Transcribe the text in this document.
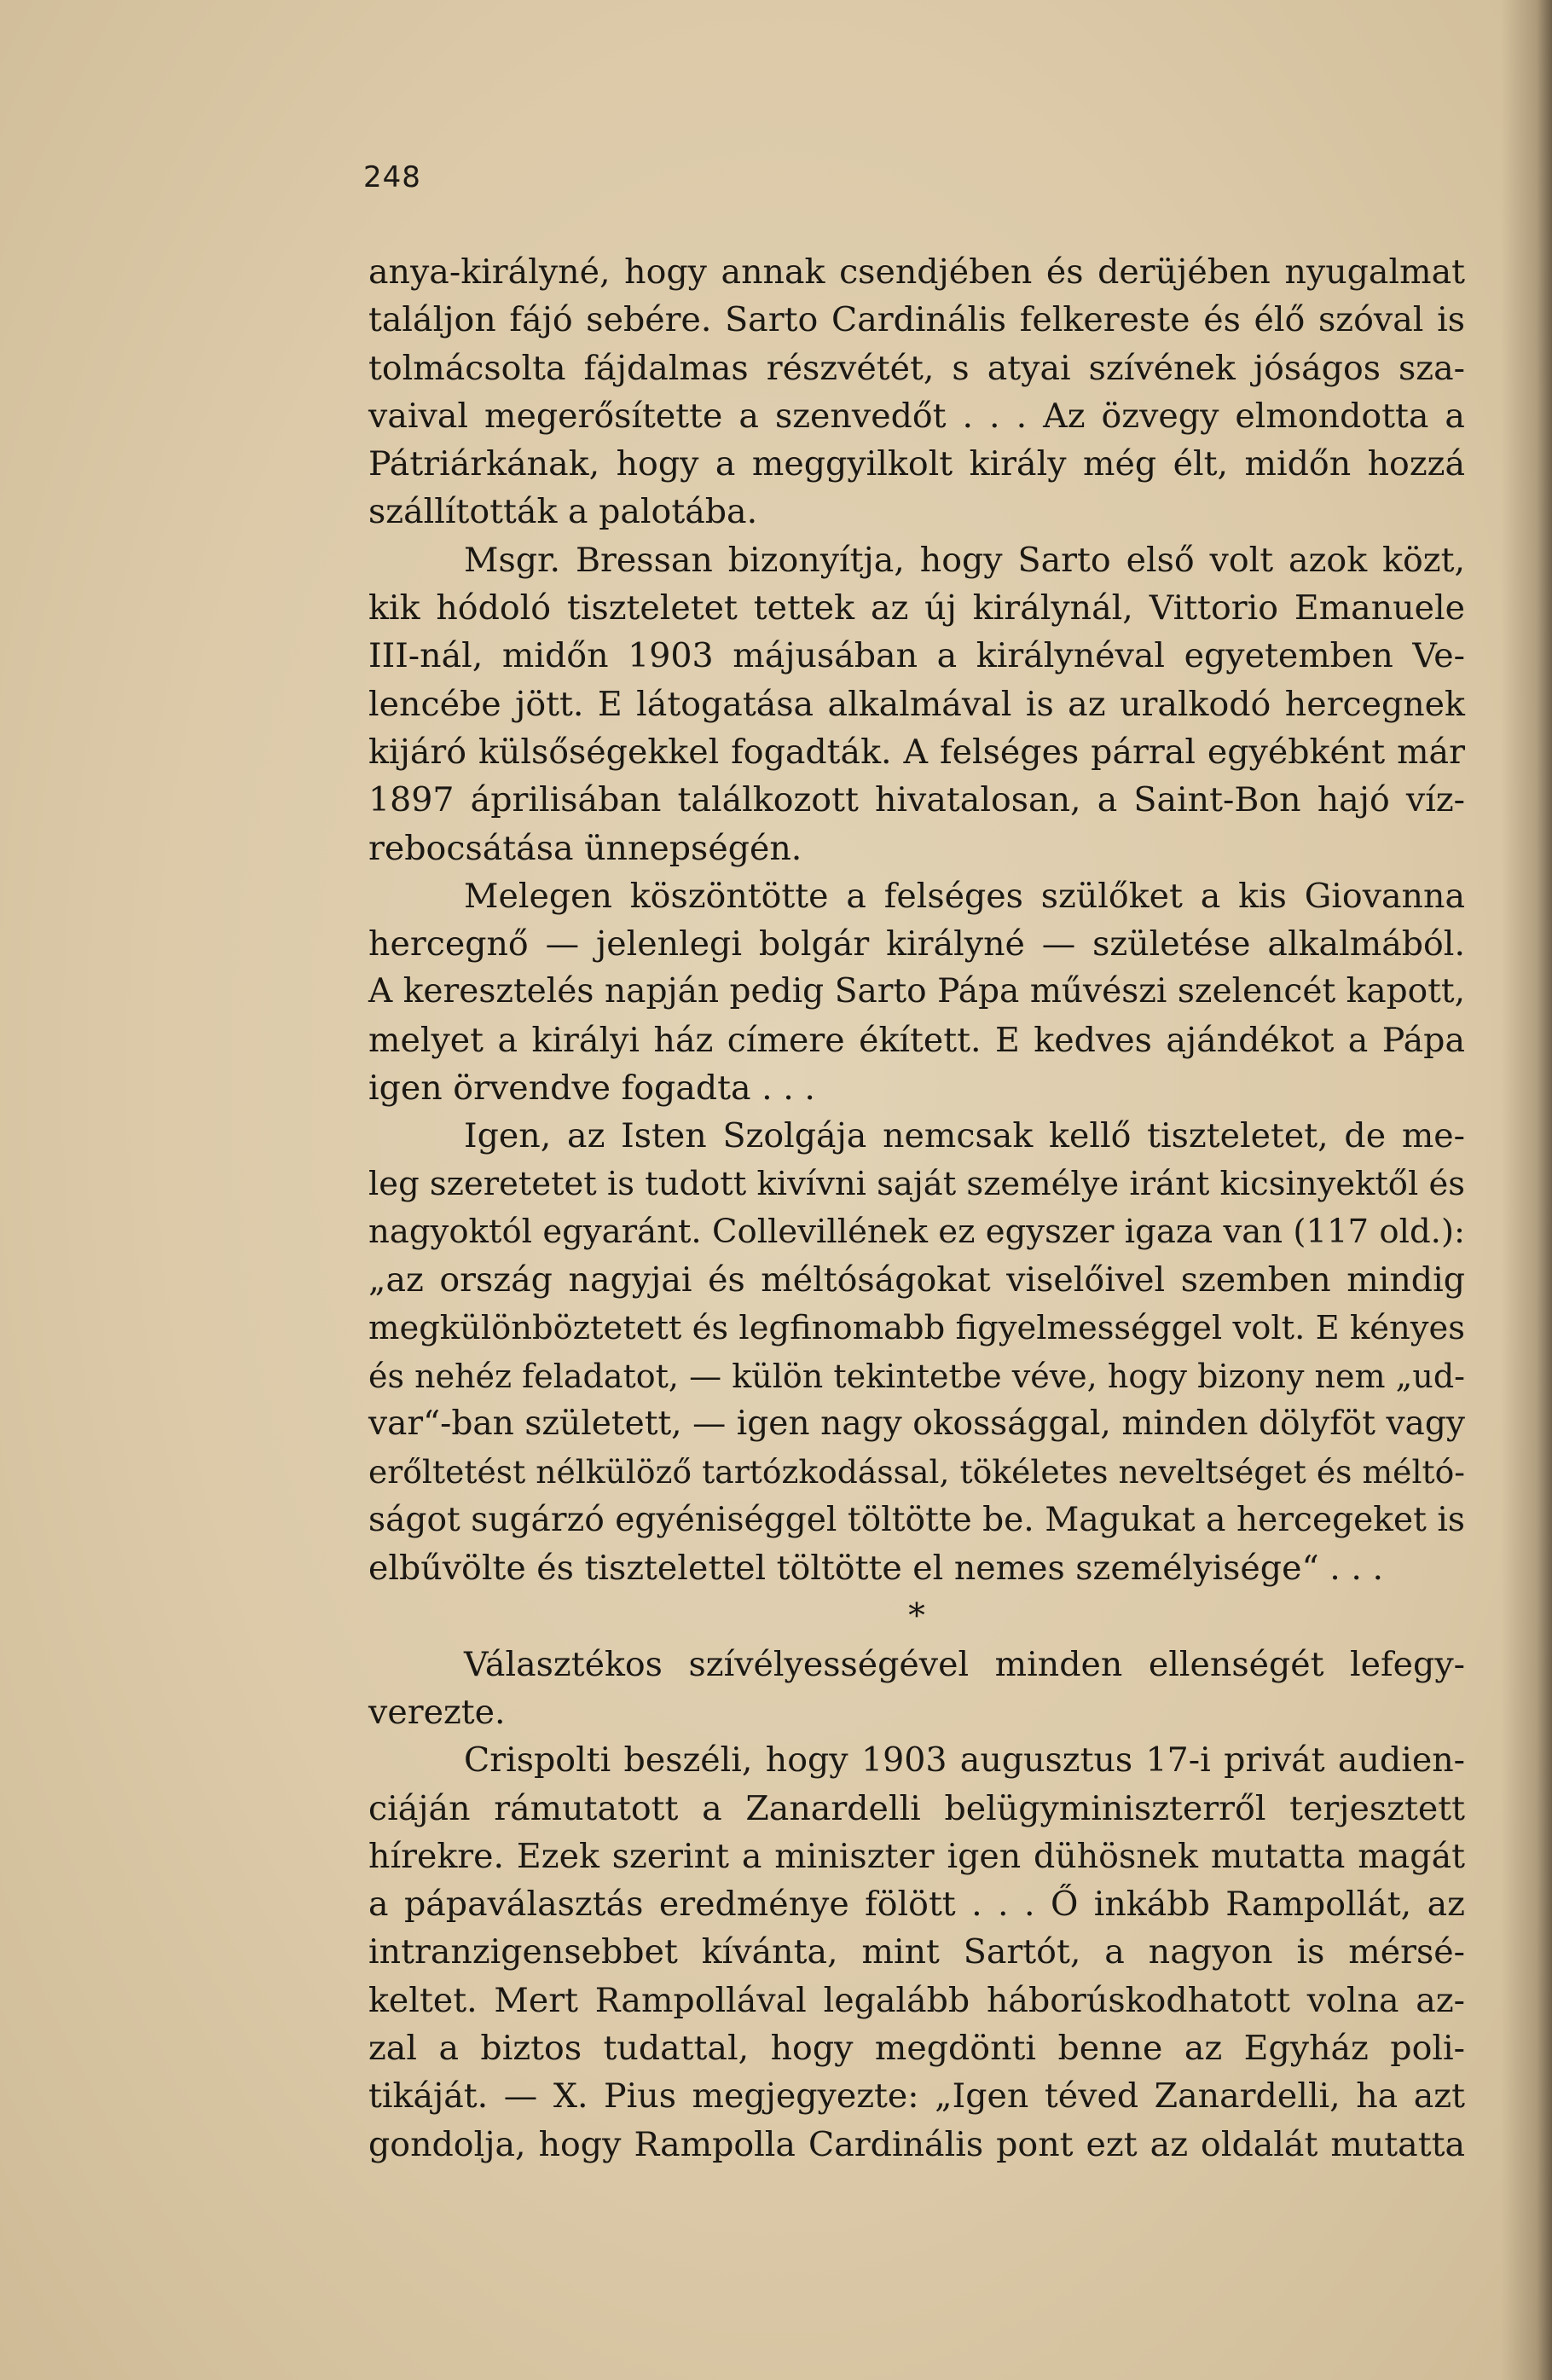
248
anya-királyné, hogy annak csendjében és derüjében nyugalmat
találjon fájó sebére. Sarto Cardinális felkereste és élő szóval is
tolmácsolta fájdalmas részvétét, s atyai szívének jóságos sza-
vaival megerősítette a szenvedőt . . . Az özvegy elmondotta a
Pátriárkának, hogy a meggyilkolt király még élt, midőn hozzá
szállították a palotába.
Msgr. Bressan bizonyítja, hogy Sarto első volt azok közt,
kik hódoló tiszteletet tettek az új királynál, Vittorio Emanuele
III-nál, midőn 1903 májusában a királynéval egyetemben Ve-
lencébe jött. E látogatása alkalmával is az uralkodó hercegnek
kijáró külsőségekkel fogadták. A felséges párral egyébként már
1897 áprilisában találkozott hivatalosan, a Saint-Bon hajó víz-
rebocsátása ünnepségén.
Melegen köszöntötte a felséges szülőket a kis Giovanna
hercegnő — jelenlegi bolgár királyné — születése alkalmából.
A keresztelés napján pedig Sarto Pápa művészi szelencét kapott,
melyet a királyi ház címere ékített. E kedves ajándékot a Pápa
igen örvendve fogadta . . .
Igen, az Isten Szolgája nemcsak kellő tiszteletet, de me-
leg szeretetet is tudott kivívni saját személye iránt kicsinyektől és
nagyoktól egyaránt. Collevillének ez egyszer igaza van (117 old.):
„az ország nagyjai és méltóságokat viselőivel szemben mindig
megkülönböztetett és legfinomabb figyelmességgel volt. E kényes
és nehéz feladatot, — külön tekintetbe véve, hogy bizony nem „ud-
var“-ban született, — igen nagy okossággal, minden dölyföt vagy
erőltetést nélkülöző tartózkodással, tökéletes neveltséget és méltó-
ságot sugárzó egyéniséggel töltötte be. Magukat a hercegeket is
elbűvölte és tisztelettel töltötte el nemes személyisége“ . . .
*
Választékos szívélyességével minden ellenségét lefegy-
verezte.
Crispolti beszéli, hogy 1903 augusztus 17-i privát audien-
ciáján rámutatott a Zanardelli belügyminiszterről terjesztett
hírekre. Ezek szerint a miniszter igen dühösnek mutatta magát
a pápaválasztás eredménye fölött . . . Ő inkább Rampollát, az
intranzigensebbet kívánta, mint Sartót, a nagyon is mérsé-
keltet. Mert Rampollával legalább háborúskodhatott volna az-
zal a biztos tudattal, hogy megdönti benne az Egyház poli-
tikáját. — X. Pius megjegyezte: „Igen téved Zanardelli, ha azt
gondolja, hogy Rampolla Cardinális pont ezt az oldalát mutatta
